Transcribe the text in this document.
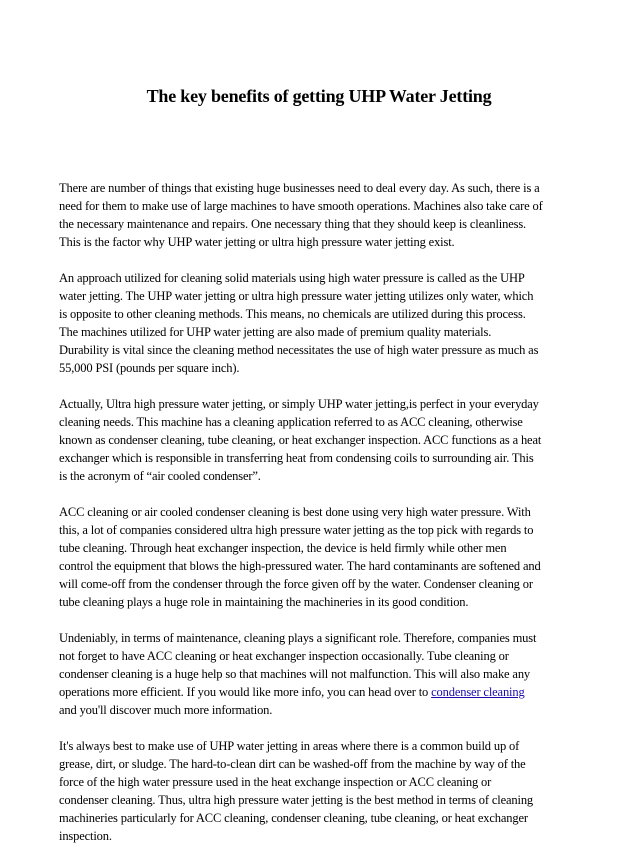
The key benefits of getting UHP Water Jetting

There are number of things that existing huge businesses need to deal every day. As such, there is a
need for them to make use of large machines to have smooth operations. Machines also take care of
the necessary maintenance and repairs. One necessary thing that they should keep is cleanliness.
This is the factor why UHP water jetting or ultra high pressure water jetting exist.

An approach utilized for cleaning solid materials using high water pressure is called as the UHP
water jetting. The UHP water jetting or ultra high pressure water jetting utilizes only water, which
is opposite to other cleaning methods. This means, no chemicals are utilized during this process.
The machines utilized for UHP water jetting are also made of premium quality materials.
Durability is vital since the cleaning method necessitates the use of high water pressure as much as
55,000 PSI (pounds per square inch).

Actually, Ultra high pressure water jetting, or simply UHP water jetting,is perfect in your everyday
cleaning needs. This machine has a cleaning application referred to as ACC cleaning, otherwise
known as condenser cleaning, tube cleaning, or heat exchanger inspection. ACC functions as a heat
exchanger which is responsible in transferring heat from condensing coils to surrounding air. This
is the acronym of “air cooled condenser”.

ACC cleaning or air cooled condenser cleaning is best done using very high water pressure. With
this, a lot of companies considered ultra high pressure water jetting as the top pick with regards to
tube cleaning. Through heat exchanger inspection, the device is held firmly while other men
control the equipment that blows the high-pressured water. The hard contaminants are softened and
will come-off from the condenser through the force given off by the water. Condenser cleaning or
tube cleaning plays a huge role in maintaining the machineries in its good condition.

Undeniably, in terms of maintenance, cleaning plays a significant role. Therefore, companies must
not forget to have ACC cleaning or heat exchanger inspection occasionally. Tube cleaning or
condenser cleaning is a huge help so that machines will not malfunction. This will also make any
operations more efficient. If you would like more info, you can head over to condenser cleaning
and you'll discover much more information.

It's always best to make use of UHP water jetting in areas where there is a common build up of
grease, dirt, or sludge. The hard-to-clean dirt can be washed-off from the machine by way of the
force of the high water pressure used in the heat exchange inspection or ACC cleaning or
condenser cleaning. Thus, ultra high pressure water jetting is the best method in terms of cleaning
machineries particularly for ACC cleaning, condenser cleaning, tube cleaning, or heat exchanger
inspection.
